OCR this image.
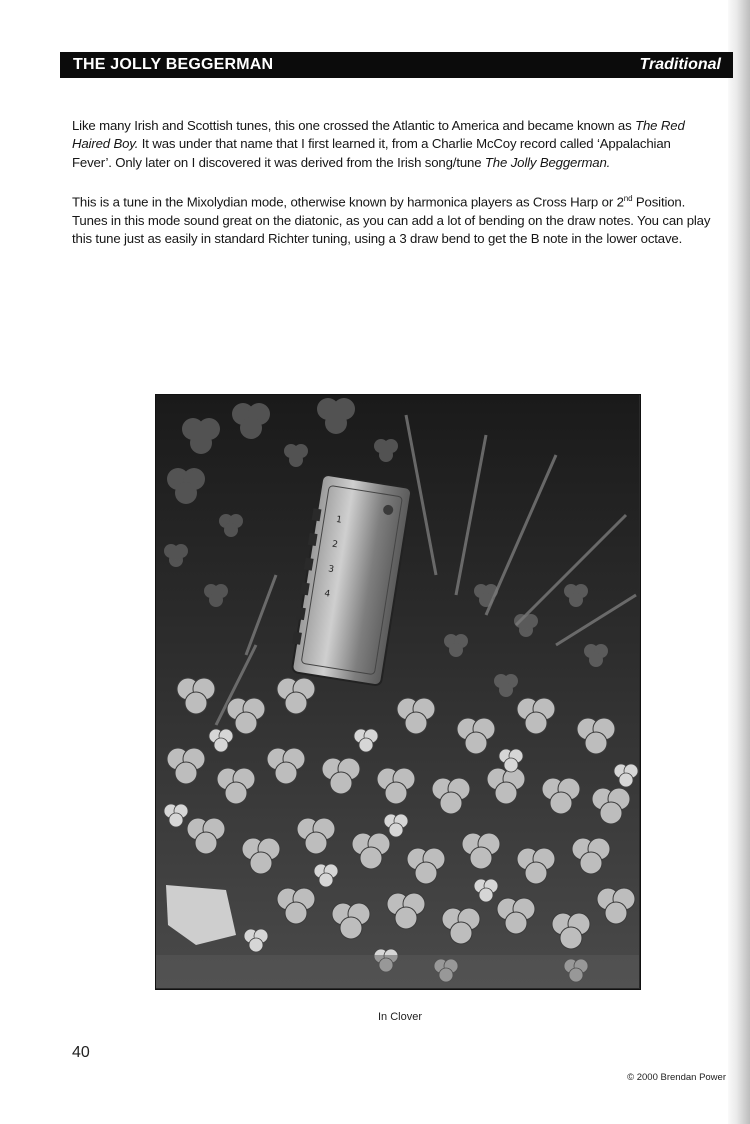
THE JOLLY BEGGERMAN	Traditional

Like many Irish and Scottish tunes, this one crossed the Atlantic to America and became known as The Red Haired Boy. It was under that name that I first learned it, from a Charlie McCoy record called ‘Appalachian Fever’. Only later on I discovered it was derived from the Irish song/tune The Jolly Beggerman.

This is a tune in the Mixolydian mode, otherwise known by harmonica players as Cross Harp or 2nd Position. Tunes in this mode sound great on the diatonic, as you can add a lot of bending on the draw notes. You can play this tune just as easily in standard Richter tuning, using a 3 draw bend to get the B note in the lower octave.

1
2
3
4
In Clover
40
© 2000 Brendan Power
